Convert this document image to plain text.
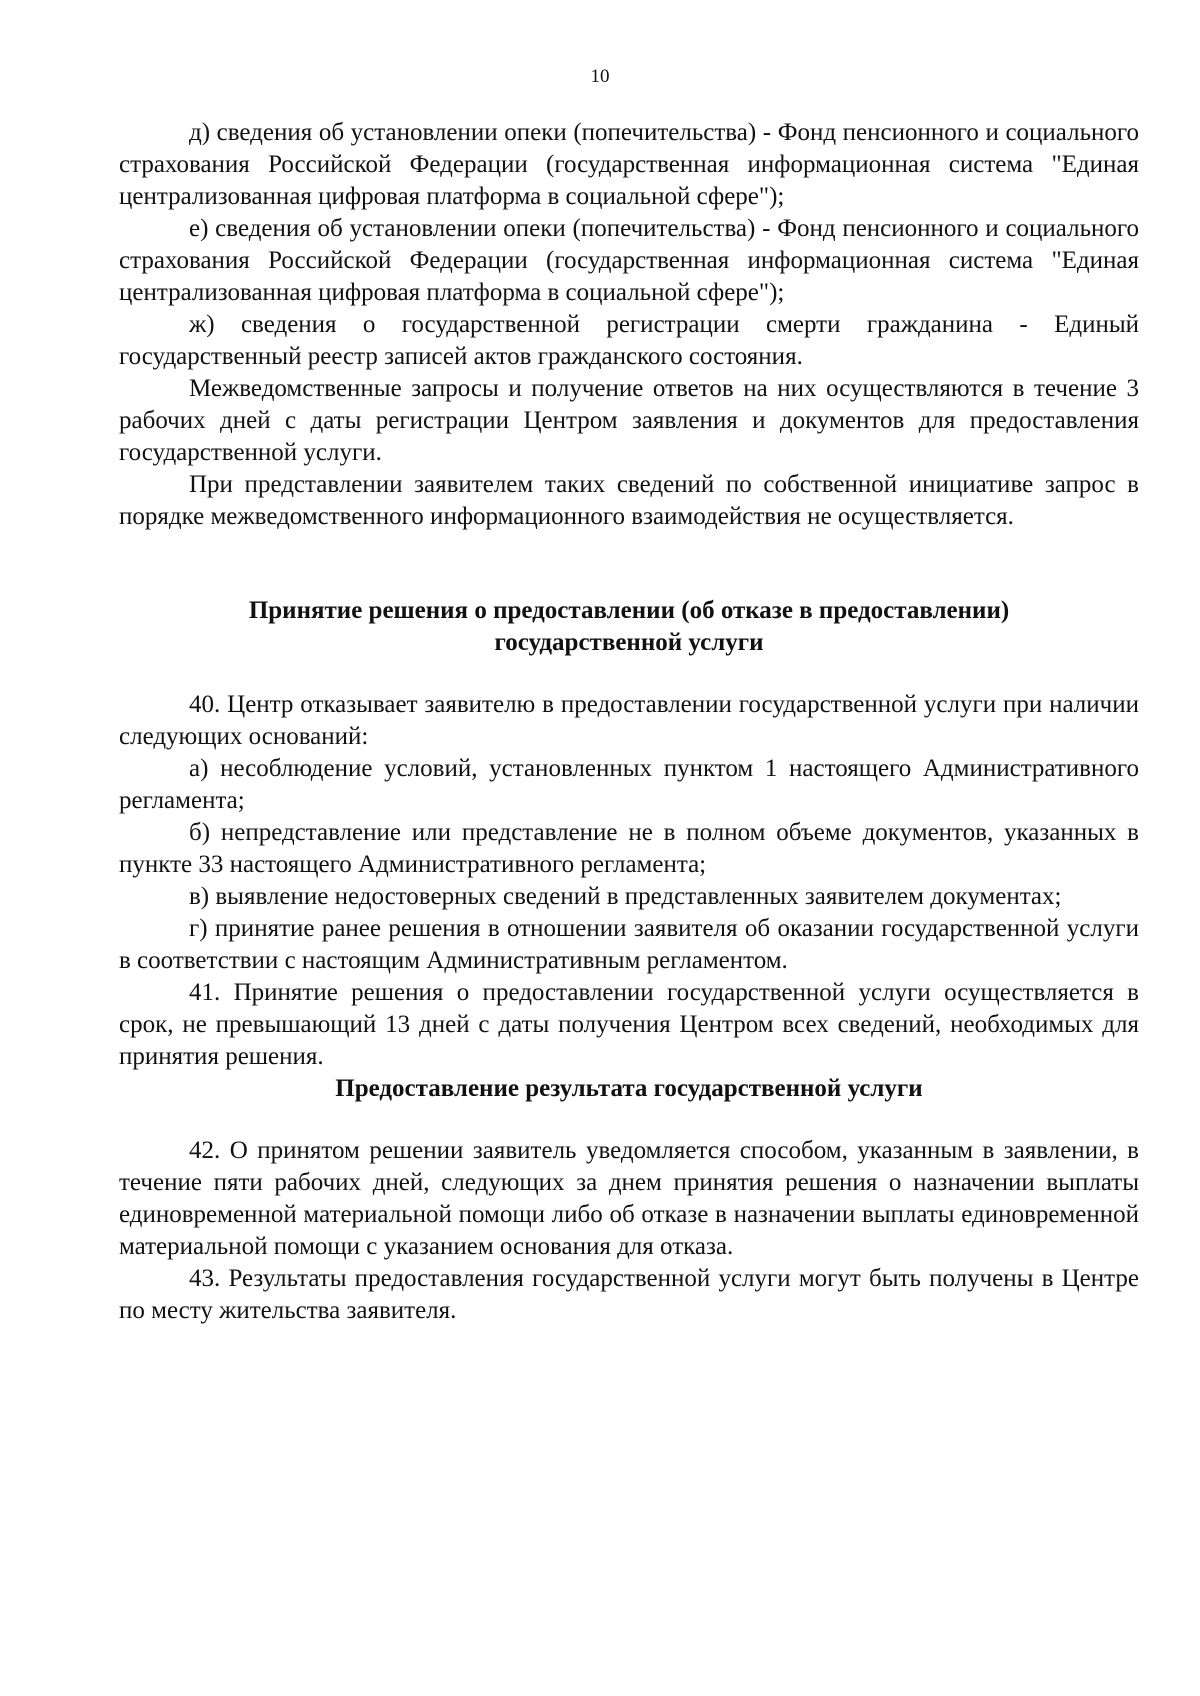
10

д) сведения об установлении опеки (попечительства) - Фонд пенсионного и социального страхования Российской Федерации (государственная информационная система "Единая централизованная цифровая платформа в социальной сфере");

е) сведения об установлении опеки (попечительства) - Фонд пенсионного и социального страхования Российской Федерации (государственная информационная система "Единая централизованная цифровая платформа в социальной сфере");

ж) сведения о государственной регистрации смерти гражданина - Единый государственный реестр записей актов гражданского состояния.

Межведомственные запросы и получение ответов на них осуществляются в течение 3 рабочих дней с даты регистрации Центром заявления и документов для предоставления государственной услуги.

При представлении заявителем таких сведений по собственной инициативе запрос в порядке межведомственного информационного взаимодействия не осуществляется.

Принятие решения о предоставлении (об отказе в предоставлении)

государственной услуги

40. Центр отказывает заявителю в предоставлении государственной услуги при наличии следующих оснований:

а) несоблюдение условий, установленных пунктом 1 настоящего Административного регламента;

б) непредставление или представление не в полном объеме документов, указанных в пункте 33 настоящего Административного регламента;

в) выявление недостоверных сведений в представленных заявителем документах;

г) принятие ранее решения в отношении заявителя об оказании государственной услуги в соответствии с настоящим Административным регламентом.

41. Принятие решения о предоставлении государственной услуги осуществляется в срок, не превышающий 13 дней с даты получения Центром всех сведений, необходимых для принятия решения.

Предоставление результата государственной услуги

42. О принятом решении заявитель уведомляется способом, указанным в заявлении, в течение пяти рабочих дней, следующих за днем принятия решения о назначении выплаты единовременной материальной помощи либо об отказе в назначении выплаты единовременной материальной помощи с указанием основания для отказа.

43. Результаты предоставления государственной услуги могут быть получены в Центре по месту жительства заявителя.
